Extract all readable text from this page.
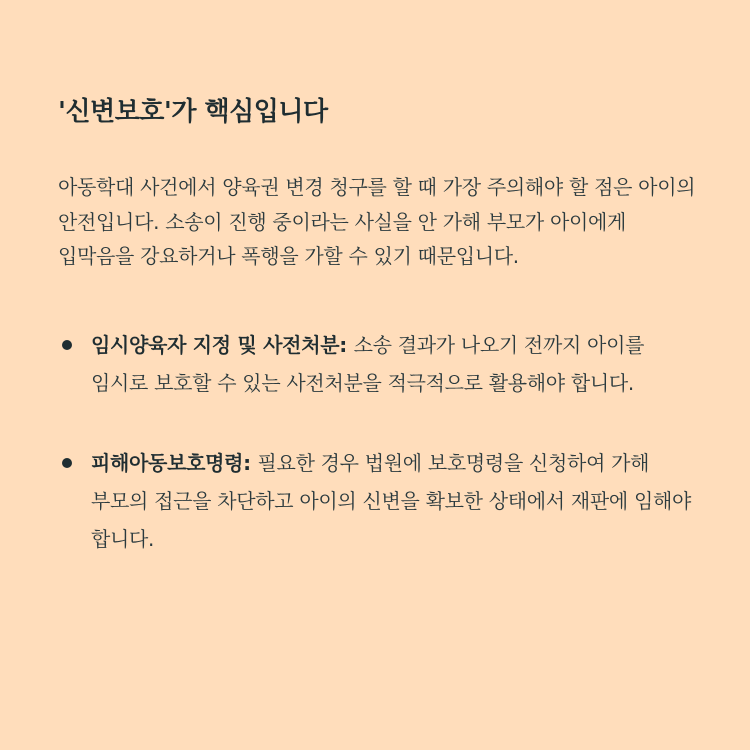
'신변보호'가 핵심입니다

아동학대 사건에서 양육권 변경 청구를 할 때 가장 주의해야 할 점은 아이의 안전입니다. 소송이 진행 중이라는 사실을 안 가해 부모가 아이에게 입막음을 강요하거나 폭행을 가할 수 있기 때문입니다.

임시양육자 지정 및 사전처분: 소송 결과가 나오기 전까지 아이를 임시로 보호할 수 있는 사전처분을 적극적으로 활용해야 합니다.
피해아동보호명령: 필요한 경우 법원에 보호명령을 신청하여 가해 부모의 접근을 차단하고 아이의 신변을 확보한 상태에서 재판에 임해야 합니다.
